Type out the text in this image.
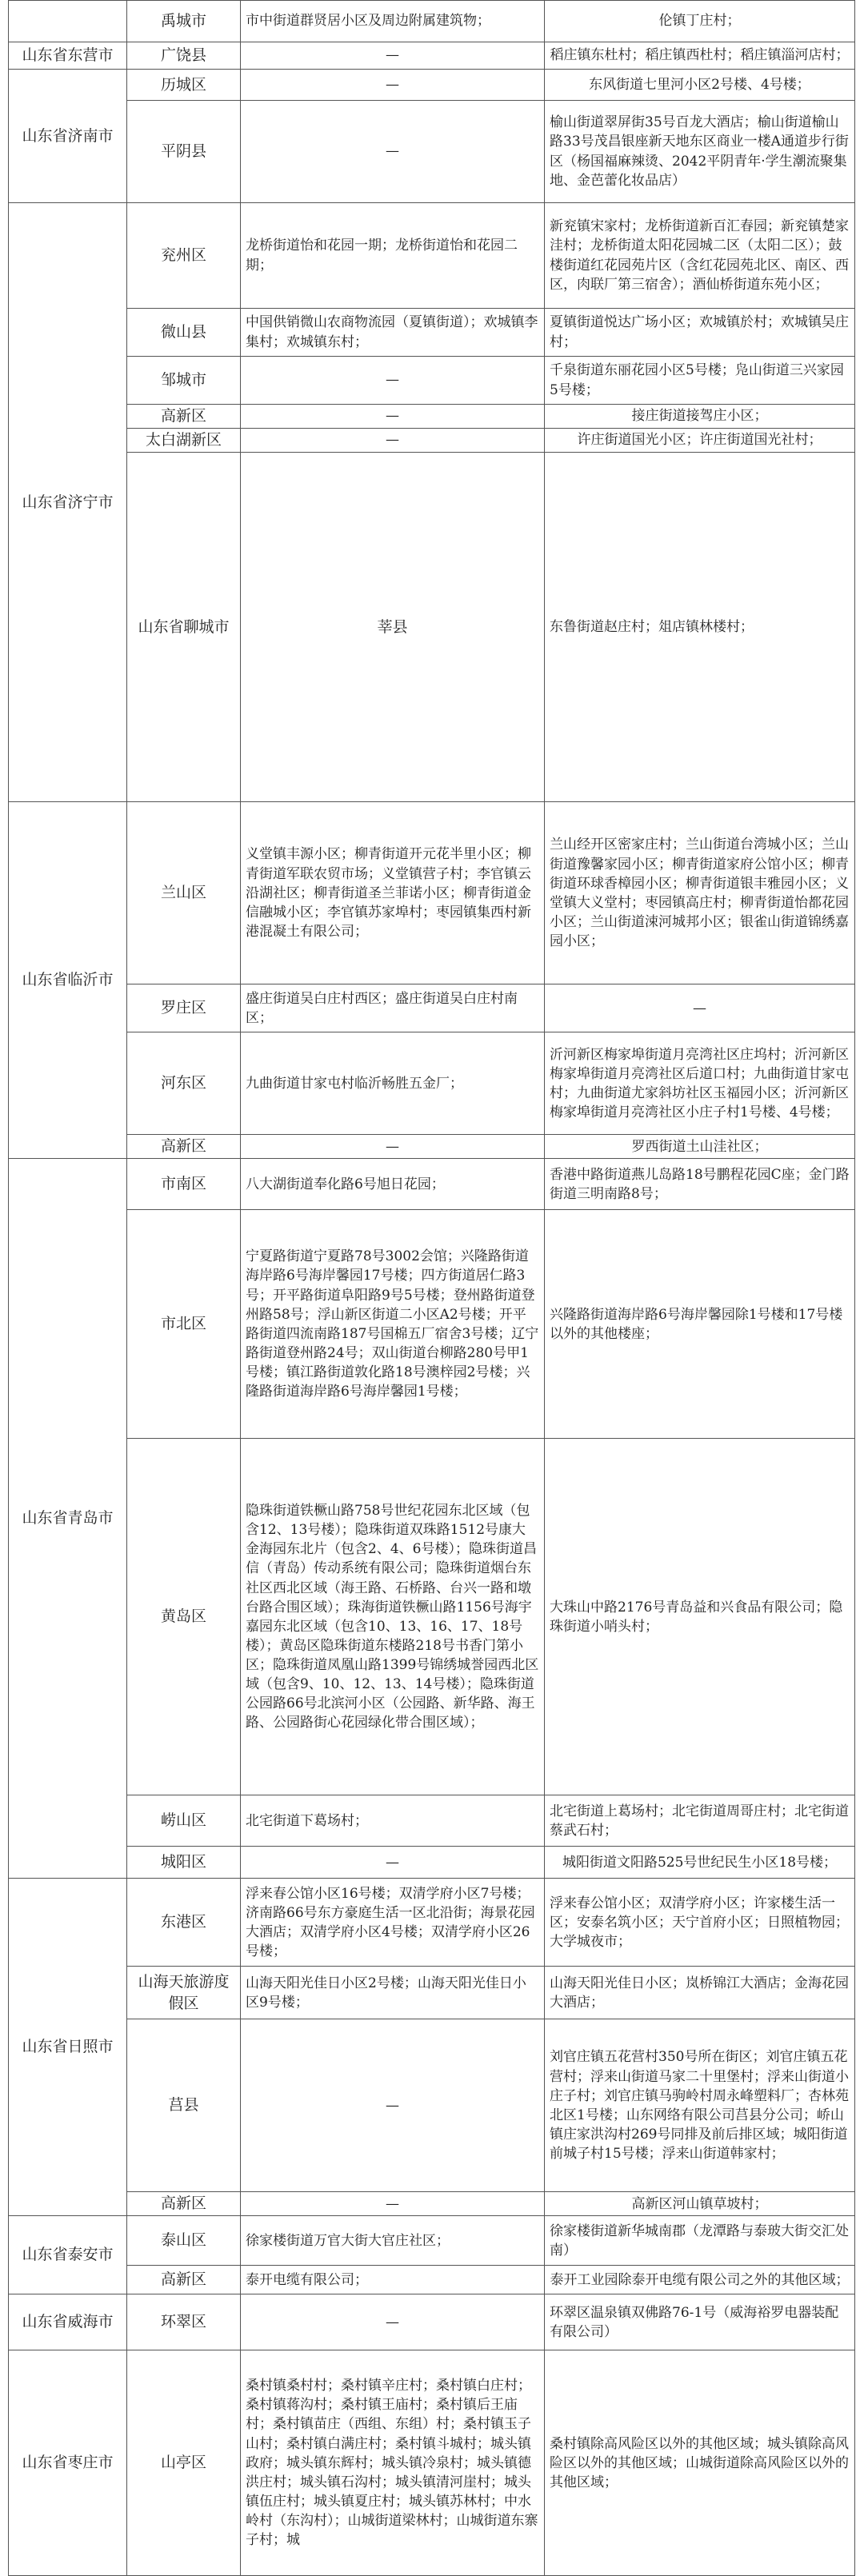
	禹城市	市中街道群贤居小区及周边附属建筑物；	伦镇丁庄村；	
山东省东营市	广饶县	—	稻庄镇东杜村；稻庄镇西杜村；稻庄镇淄河店村；	
山东省济南市	历城区	—	东风街道七里河小区2号楼、4号楼；	
	平阴县	—	榆山街道翠屏街35号百龙大酒店；榆山街道榆山路33号茂昌银座新天地东区商业一楼A通道步行街区（杨国福麻辣烫、2042平阴青年·学生潮流聚集地、金芭蕾化妆品店）	
山东省济宁市	兖州区	龙桥街道怡和花园一期；龙桥街道怡和花园二期；	新兖镇宋家村；龙桥街道新百汇春园；新兖镇楚家洼村；龙桥街道太阳花园城二区（太阳二区）；鼓楼街道红花园苑片区（含红花园苑北区、南区、西区，肉联厂第三宿舍）；酒仙桥街道东苑小区；	
	微山县	中国供销微山农商物流园（夏镇街道）；欢城镇李集村；欢城镇东村；	夏镇街道悦达广场小区；欢城镇於村；欢城镇吴庄村；	
	邹城市	—	千泉街道东丽花园小区5号楼；凫山街道三兴家园5号楼；	
	高新区	—	接庄街道接驾庄小区；	
	太白湖新区	—	许庄街道国光小区；许庄街道国光社村；	
	山东省聊城市	莘县	东鲁街道赵庄村；俎店镇林楼村；	
山东省临沂市	兰山区	义堂镇丰源小区；柳青街道开元花半里小区；柳青街道军联农贸市场；义堂镇营子村；李官镇云沿湖社区；柳青街道圣兰菲诺小区；柳青街道金信融城小区；李官镇苏家埠村；枣园镇集西村新港混凝土有限公司；	兰山经开区密家庄村；兰山街道台湾城小区；兰山街道豫馨家园小区；柳青街道家府公馆小区；柳青街道环球香樟园小区；柳青街道银丰雅园小区；义堂镇大义堂村；枣园镇高庄村；柳青街道怡都花园小区；兰山街道涑河城邦小区；银雀山街道锦绣嘉园小区；	
	罗庄区	盛庄街道吴白庄村西区；盛庄街道吴白庄村南区；	—	
	河东区	九曲街道甘家屯村临沂畅胜五金厂；	沂河新区梅家埠街道月亮湾社区庄坞村；沂河新区梅家埠街道月亮湾社区后道口村；九曲街道甘家屯村；九曲街道尤家斜坊社区玉福园小区；沂河新区梅家埠街道月亮湾社区小庄子村1号楼、4号楼；	
	高新区	—	罗西街道土山洼社区；	
山东省青岛市	市南区	八大湖街道奉化路6号旭日花园；	香港中路街道燕儿岛路18号鹏程花园C座；金门路街道三明南路8号；	
	市北区	宁夏路街道宁夏路78号3002会馆；兴隆路街道海岸路6号海岸馨园17号楼；四方街道居仁路3号；开平路街道阜阳路9号5号楼；登州路街道登州路58号；浮山新区街道二小区A2号楼；开平路街道四流南路187号国棉五厂宿舍3号楼；辽宁路街道登州路24号；双山街道台柳路280号甲1号楼；镇江路街道敦化路18号澳梓园2号楼；兴隆路街道海岸路6号海岸馨园1号楼；	兴隆路街道海岸路6号海岸馨园除1号楼和17号楼以外的其他楼座；	
	黄岛区	隐珠街道铁橛山路758号世纪花园东北区域（包含12、13号楼）；隐珠街道双珠路1512号康大金海园东北片（包含2、4、6号楼）；隐珠街道昌信（青岛）传动系统有限公司；隐珠街道烟台东社区西北区域（海王路、石桥路、台兴一路和墩台路合围区域）；珠海街道铁橛山路1156号海宇嘉园东北区域（包含10、13、16、17、18号楼）；黄岛区隐珠街道东楼路218号书香门第小区；隐珠街道凤凰山路1399号锦绣城誉园西北区域（包含9、10、12、13、14号楼）；隐珠街道公园路66号北滨河小区（公园路、新华路、海王路、公园路街心花园绿化带合围区域）；	大珠山中路2176号青岛益和兴食品有限公司；隐珠街道小哨头村；	
	崂山区	北宅街道下葛场村；	北宅街道上葛场村；北宅街道周哥庄村；北宅街道蔡武石村；	
	城阳区	—	城阳街道文阳路525号世纪民生小区18号楼；	
山东省日照市	东港区	浮来春公馆小区16号楼；双清学府小区7号楼；济南路66号东方豪庭生活一区北沿街；海景花园大酒店；双清学府小区4号楼；双清学府小区26号楼；	浮来春公馆小区；双清学府小区；许家楼生活一区；安泰名筑小区；天宁首府小区；日照植物园；大学城夜市；	
	山海天旅游度假区	山海天阳光佳日小区2号楼；山海天阳光佳日小区9号楼；	山海天阳光佳日小区；岚桥锦江大酒店；金海花园大酒店；	
	莒县	—	刘官庄镇五花营村350号所在街区；刘官庄镇五花营村；浮来山街道马家二十里堡村；浮来山街道小庄子村；刘官庄镇马驹岭村周永峰塑料厂；杏林苑北区1号楼；山东网络有限公司莒县分公司；峤山镇庄家洪沟村269号同排及前后排区域；城阳街道前城子村15号楼；浮来山街道韩家村；	
	高新区	—	高新区河山镇草坡村；	
山东省泰安市	泰山区	徐家楼街道万官大街大官庄社区；	徐家楼街道新华城南郡（龙潭路与泰玻大街交汇处南）	
	高新区	泰开电缆有限公司；	泰开工业园除泰开电缆有限公司之外的其他区域；	
山东省威海市	环翠区	—	环翠区温泉镇双佛路76-1号（威海裕罗电器装配有限公司）	
山东省枣庄市	山亭区	桑村镇桑村村；桑村镇辛庄村；桑村镇白庄村；桑村镇蒋沟村；桑村镇王庙村；桑村镇后王庙村；桑村镇苗庄（西组、东组）村；桑村镇玉子山村；桑村镇白满庄村；桑村镇斗城村；城头镇政府；城头镇东辉村；城头镇冷泉村；城头镇德洪庄村；城头镇石沟村；城头镇清河崖村；城头镇伍庄村；城头镇夏庄村；城头镇苏林村；中水岭村（东沟村）；山城街道梁林村；山城街道东寨子村；城	桑村镇除高风险区以外的其他区域；城头镇除高风险区以外的其他区域；山城街道除高风险区以外的其他区域；	
